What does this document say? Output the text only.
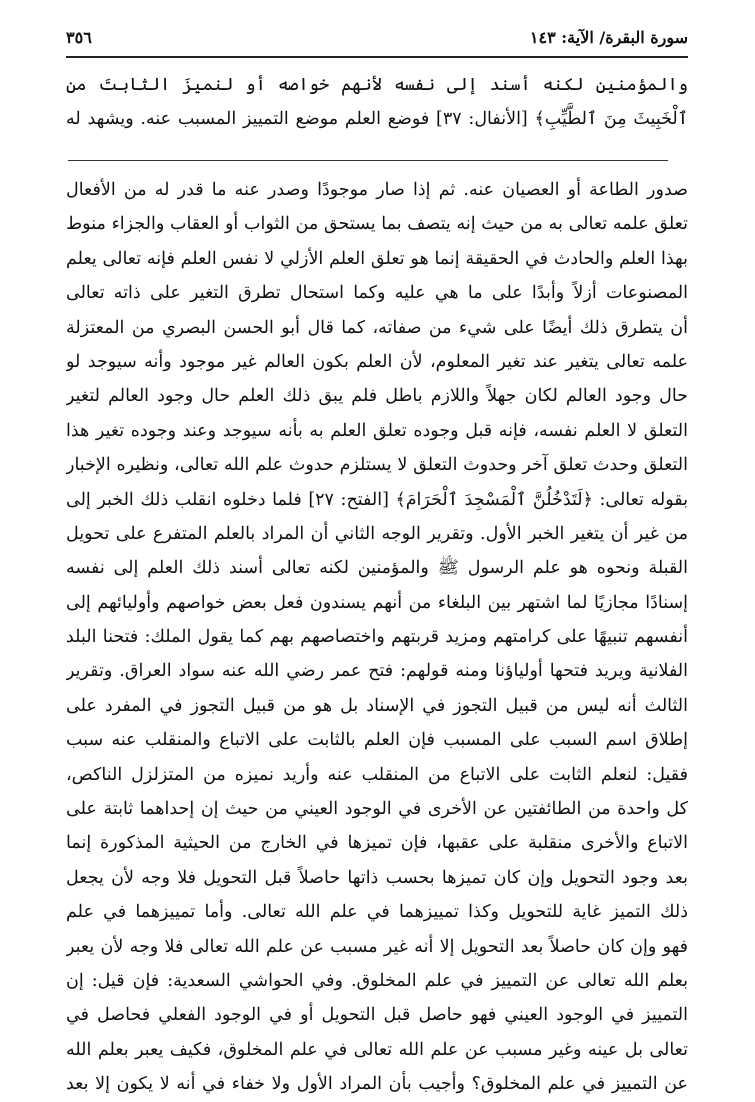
سورة البقرة/ الآية: ١٤٣
٣٥٦
والمؤمنين لكنه أسند إلى نفسه لأنهم خواصه أو لنميزَ الثابتَ من
ٱلْخَبِيثَ مِنَ ٱلطَّيِّبِ﴾ [الأنفال: ٣٧] فوضع العلم موضع التمييز المسبب عنه. ويشهد له
صدور الطاعة أو العصيان عنه. ثم إذا صار موجودًا وصدر عنه ما قدر له من الأفعال
تعلق علمه تعالى به من حيث إنه يتصف بما يستحق من الثواب أو العقاب والجزاء منوط
بهذا العلم والحادث في الحقيقة إنما هو تعلق العلم الأزلي لا نفس العلم فإنه تعالى يعلم
المصنوعات أزلاً وأبدًا على ما هي عليه وكما استحال تطرق التغير على ذاته تعالى
أن يتطرق ذلك أيضًا على شيء من صفاته، كما قال أبو الحسن البصري من المعتزلة
علمه تعالى يتغير عند تغير المعلوم، لأن العلم بكون العالم غير موجود وأنه سيوجد لو
حال وجود العالم لكان جهلاً واللازم باطل فلم يبق ذلك العلم حال وجود العالم لتغير
التعلق لا العلم نفسه، فإنه قبل وجوده تعلق العلم به بأنه سيوجد وعند وجوده تغير هذا
التعلق وحدث تعلق آخر وحدوث التعلق لا يستلزم حدوث علم الله تعالى، ونظيره الإخبار
بقوله تعالى: ﴿لَتَدْخُلُنَّ ٱلْمَسْجِدَ ٱلْحَرَامَ﴾ [الفتح: ٢٧] فلما دخلوه انقلب ذلك الخبر إلى
من غير أن يتغير الخبر الأول. وتقرير الوجه الثاني أن المراد بالعلم المتفرع على تحويل
القبلة ونحوه هو علم الرسول ﷺ والمؤمنين لكنه تعالى أسند ذلك العلم إلى نفسه
إسنادًا مجازيًا لما اشتهر بين البلغاء من أنهم يسندون فعل بعض خواصهم وأوليائهم إلى
أنفسهم تنبيهًا على كرامتهم ومزيد قربتهم واختصاصهم بهم كما يقول الملك: فتحنا البلد
الفلانية ويريد فتحها أولياؤنا ومنه قولهم: فتح عمر رضي الله عنه سواد العراق. وتقرير
الثالث أنه ليس من قبيل التجوز في الإسناد بل هو من قبيل التجوز في المفرد على
إطلاق اسم السبب على المسبب فإن العلم بالثابت على الاتباع والمنقلب عنه سبب
فقيل: لنعلم الثابت على الاتباع من المنقلب عنه وأريد نميزه من المتزلزل الناكص،
كل واحدة من الطائفتين عن الأخرى في الوجود العيني من حيث إن إحداهما ثابتة على
الاتباع والأخرى منقلبة على عقبها، فإن تميزها في الخارج من الحيثية المذكورة إنما
بعد وجود التحويل وإن كان تميزها بحسب ذاتها حاصلاً قبل التحويل فلا وجه لأن يجعل
ذلك التميز غاية للتحويل وكذا تمييزهما في علم الله تعالى. وأما تمييزهما في علم
فهو وإن كان حاصلاً بعد التحويل إلا أنه غير مسبب عن علم الله تعالى فلا وجه لأن يعبر
بعلم الله تعالى عن التمييز في علم المخلوق. وفي الحواشي السعدية: فإن قيل: إن
التمييز في الوجود العيني فهو حاصل قبل التحويل أو في الوجود الفعلي فحاصل في
تعالى بل عينه وغير مسبب عن علم الله تعالى في علم المخلوق، فكيف يعبر بعلم الله
عن التمييز في علم المخلوق؟ وأجيب بأن المراد الأول ولا خفاء في أنه لا يكون إلا بعد
